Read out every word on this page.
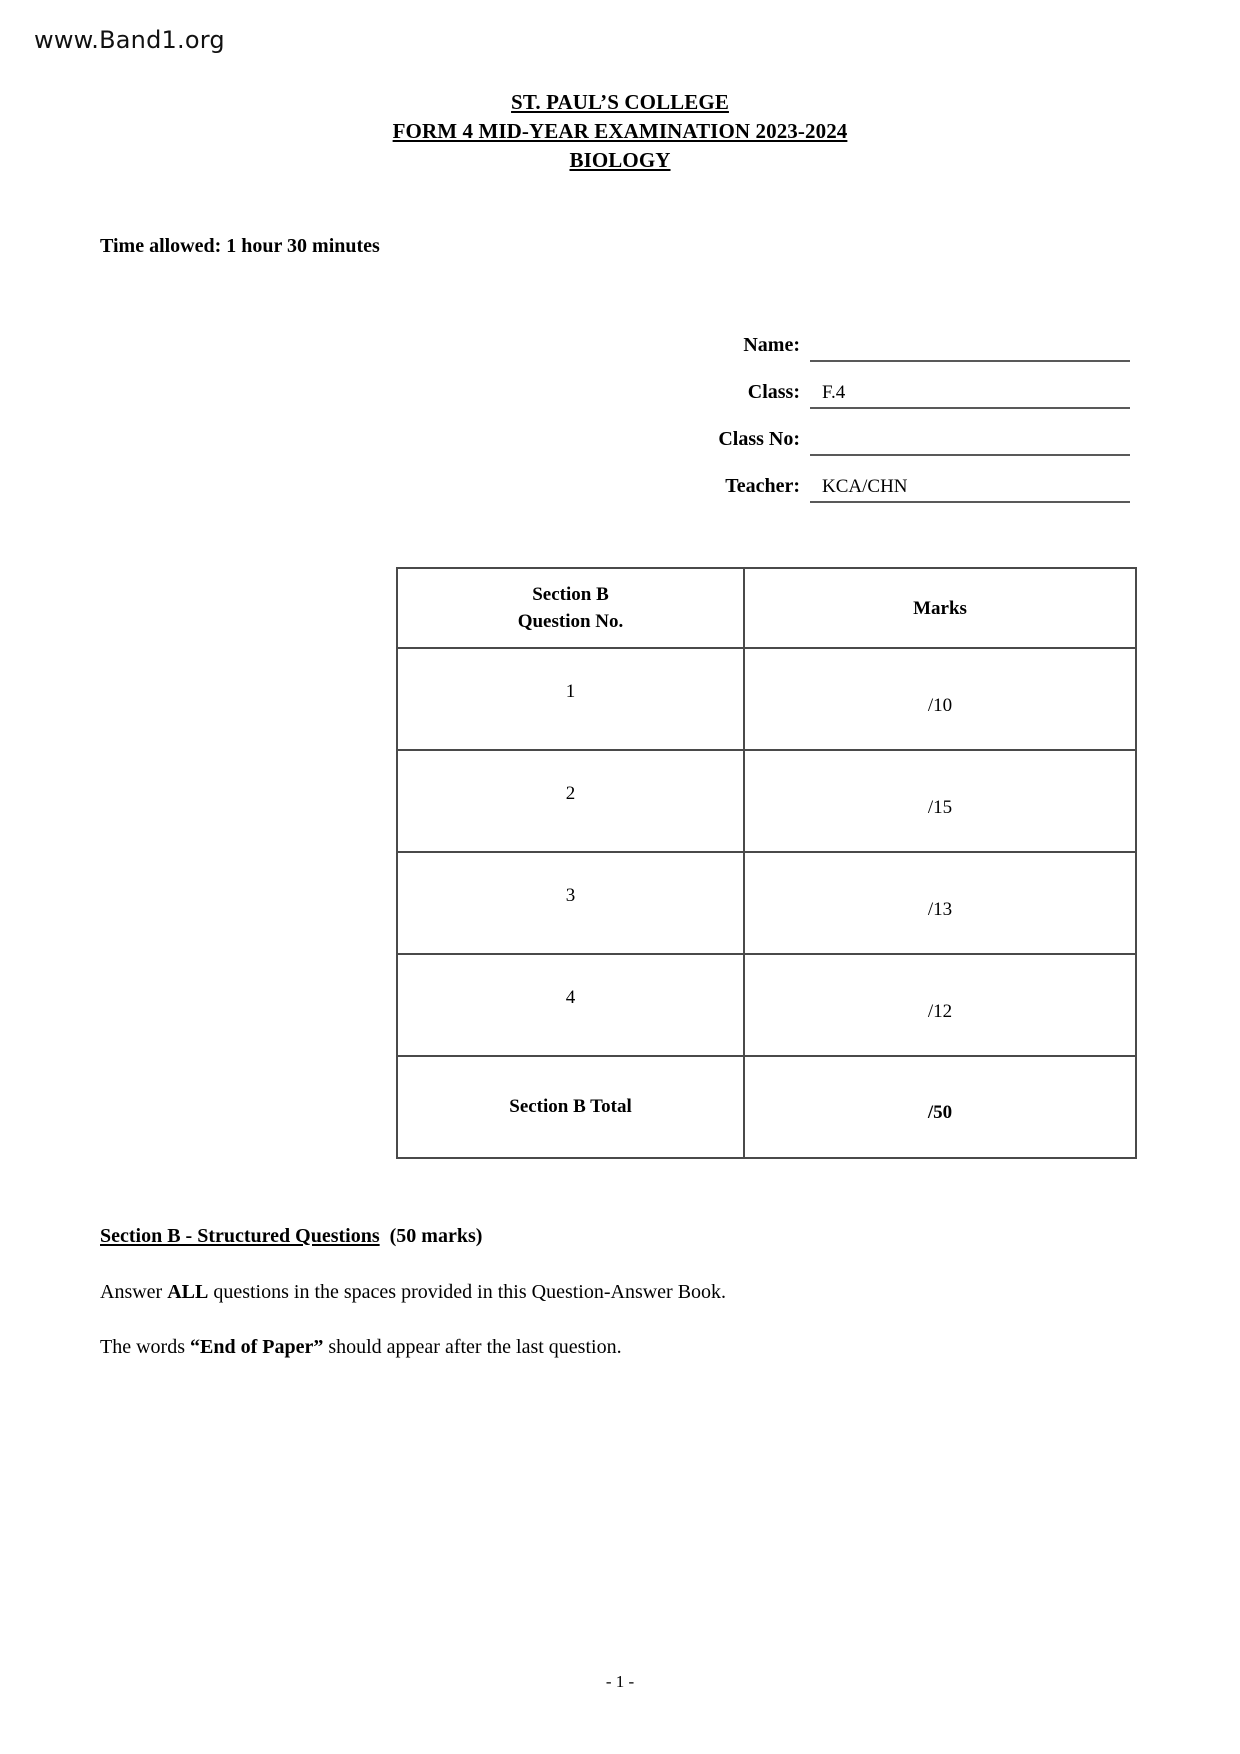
www.Band1.org
ST. PAUL’S COLLEGE
FORM 4 MID-YEAR EXAMINATION 2023-2024
BIOLOGY
Time allowed: 1 hour 30 minutes
Name:
Class:	F.4
Class No:
Teacher:	KCA/CHN
Section B
Question No.	Marks

1	/10

2	/15

3	/13

4	/12

Section B Total	/50
Section B - Structured Questions (50 marks)
Answer ALL questions in the spaces provided in this Question-Answer Book.
The words “End of Paper” should appear after the last question.
- 1 -
